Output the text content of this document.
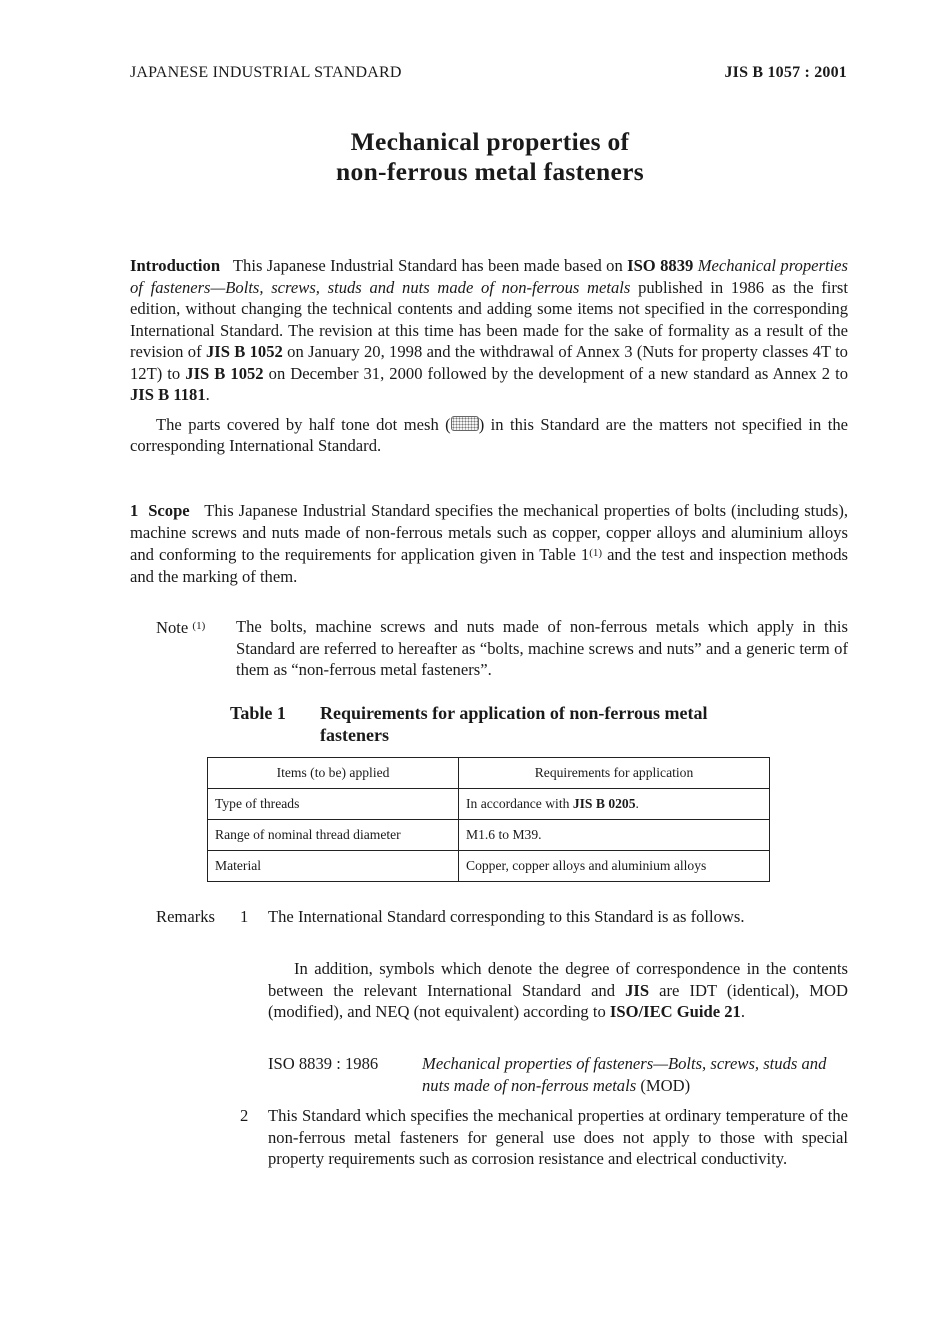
JAPANESE INDUSTRIAL STANDARD	JIS B 1057 : 2001
Mechanical properties of
non-ferrous metal fasteners

Introduction This Japanese Industrial Standard has been made based on ISO 8839 Mechanical properties of fasteners—Bolts, screws, studs and nuts made of non-ferrous metals published in 1986 as the first edition, without changing the technical contents and adding some items not specified in the corresponding International Standard. The revision at this time has been made for the sake of formality as a result of the revision of JIS B 1052 on January 20, 1998 and the withdrawal of Annex 3 (Nuts for property classes 4T to 12T) to JIS B 1052 on December 31, 2000 followed by the development of a new standard as Annex 2 to JIS B 1181.

The parts covered by half tone dot mesh ( ) in this Standard are the matters not specified in the corresponding International Standard.

1 Scope This Japanese Industrial Standard specifies the mechanical properties of bolts (including studs), machine screws and nuts made of non-ferrous metals such as copper, copper alloys and aluminium alloys and conforming to the requirements for application given in Table 1$^{(1)}$ and the test and inspection methods and the marking of them.

Note $^{(1)}$ The bolts, machine screws and nuts made of non-ferrous metals which apply in this Standard are referred to hereafter as “bolts, machine screws and nuts” and a generic term of them as “non-ferrous metal fasteners”.
Table 1 Requirements for application of non-ferrous metal fasteners
Items (to be) applied	Requirements for application
Type of threads	In accordance with JIS B 0205.
Range of nominal thread diameter	M1.6 to M39.
Material	Copper, copper alloys and aluminium alloys
Remarks 1 The International Standard corresponding to this Standard is as follows.
In addition, symbols which denote the degree of correspondence in the contents between the relevant International Standard and JIS are IDT (identical), MOD (modified), and NEQ (not equivalent) according to ISO/IEC Guide 21.
ISO 8839 : 1986	Mechanical properties of fasteners—Bolts, screws, studs and nuts made of non-ferrous metals (MOD)
2 This Standard which specifies the mechanical properties at ordinary temperature of the non-ferrous metal fasteners for general use does not apply to those with special property requirements such as corrosion resistance and electrical conductivity.
